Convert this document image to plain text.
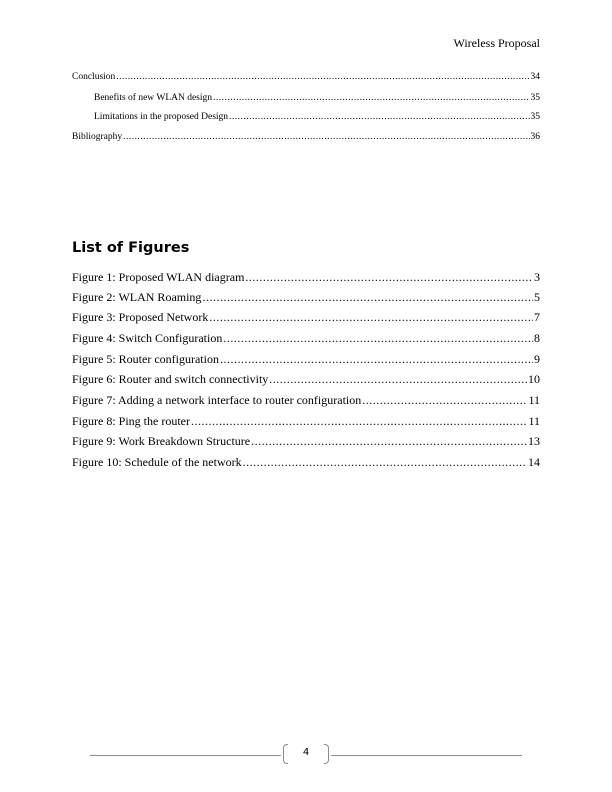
Wireless Proposal
Conclusion .....	34
Benefits of new WLAN design .....	35
Limitations in the proposed Design .....	35
Bibliography .....	36
List of Figures
Figure 1: Proposed WLAN diagram .....	3
Figure 2: WLAN Roaming .....	5
Figure 3: Proposed Network .....	7
Figure 4: Switch Configuration .....	8
Figure 5: Router configuration .....	9
Figure 6: Router and switch connectivity .....	10
Figure 7: Adding a network interface to router configuration .....	11
Figure 8: Ping the router .....	11
Figure 9: Work Breakdown Structure .....	13
Figure 10: Schedule of the network .....	14
4
